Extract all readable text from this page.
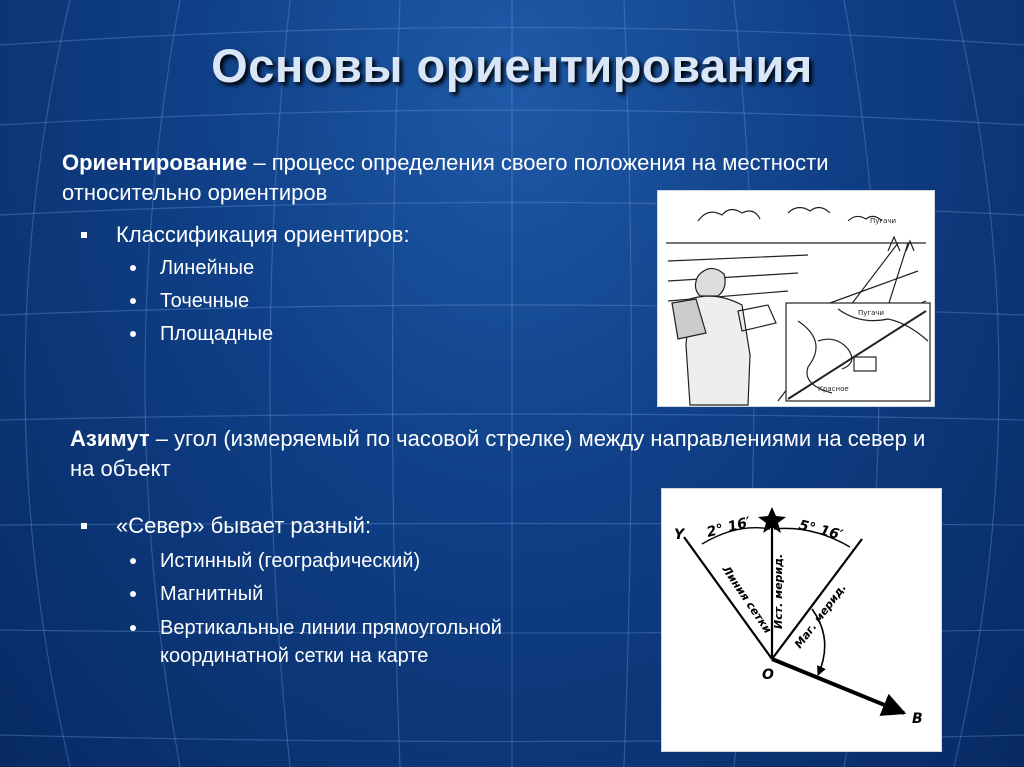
Основы ориентирования
Ориентирование – процесс определения своего положения на местности относительно ориентиров
Классификация ориентиров:
Линейные
Точечные
Площадные
Пугачи
Пугачи
Красное
Азимут – угол (измеряемый по часовой стрелке) между направлениями на север и на объект
«Север» бывает разный:
Истинный (географический)
Магнитный
Вертикальные линии прямоугольной координатной сетки на карте
2° 16′	5° 16′
Y
O
B
Линия сетки
Ист. мерид. Маг. мерид.
